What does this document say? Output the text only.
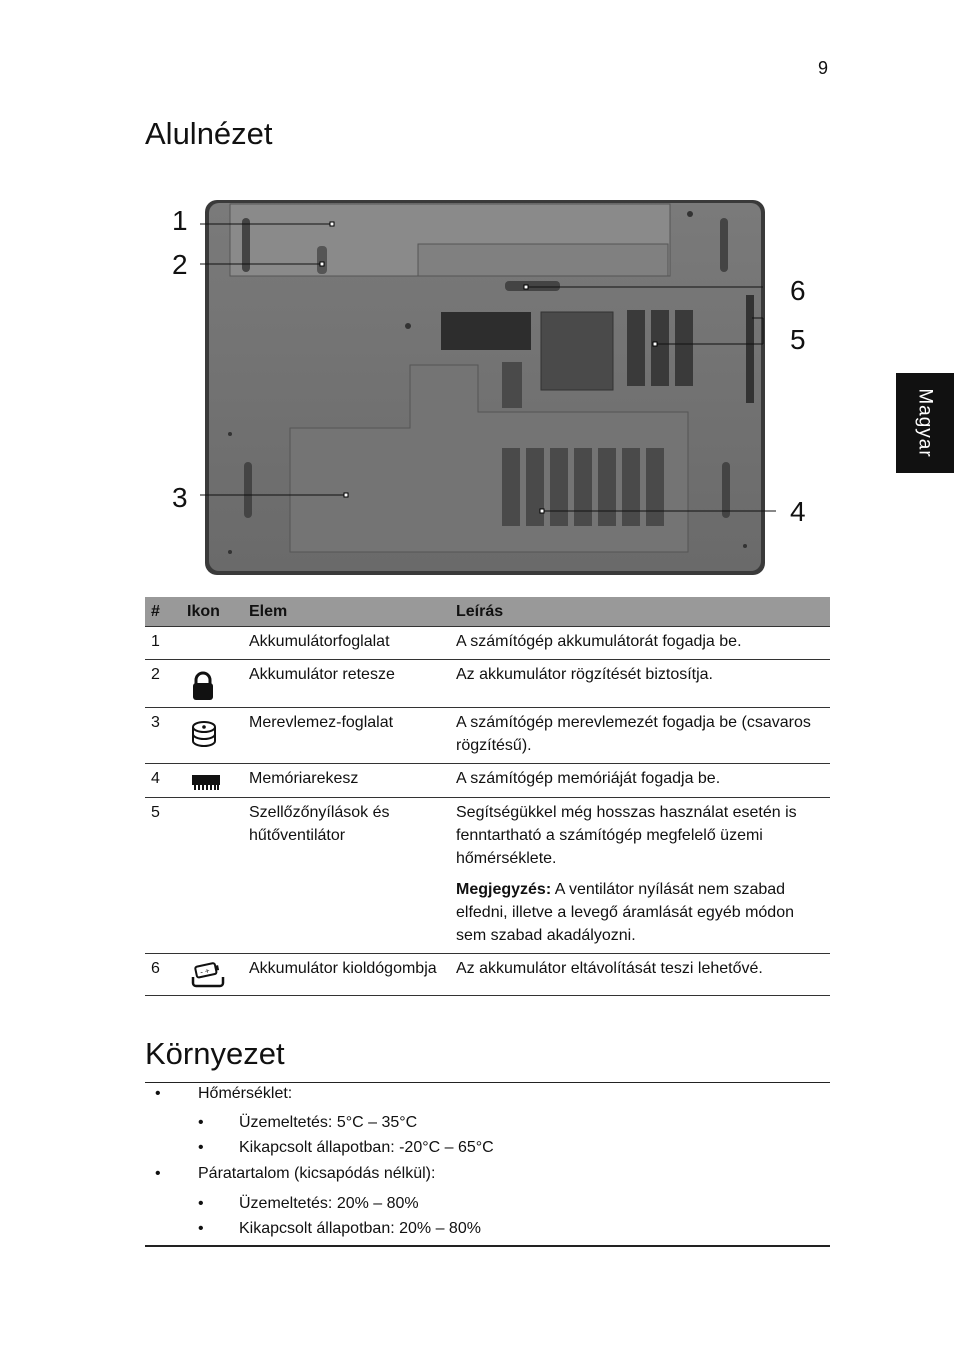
9
Alulnézet
Magyar
1
2
3	4
5
6
#	Ikon	Elem	Leírás
1		Akkumulátorfoglalat	A számítógép akkumulátorát fogadja be.
2		Akkumulátor retesze	Az akkumulátor rögzítését biztosítja.
3		Merevlemez-foglalat	A számítógép merevlemezét fogadja be (csavaros rögzítésű).
4		Memóriarekesz	A számítógép memóriáját fogadja be.
5		Szellőzőnyílások és hűtőventilátor	Segítségükkel még hosszas használat esetén is fenntartható a számítógép megfelelő üzemi hőmérséklete.
Megjegyzés: A ventilátor nyílását nem szabad elfedni, illetve a levegő áramlását egyéb módon sem szabad akadályozni.

6	- +	Akkumulátor kioldógombja	Az akkumulátor eltávolítását teszi lehetővé.
Környezet
• Hőmérséklet:
• Üzemeltetés: 5°C – 35°C
• Kikapcsolt állapotban: -20°C – 65°C
• Páratartalom (kicsapódás nélkül):
• Üzemeltetés: 20% – 80%
• Kikapcsolt állapotban: 20% – 80%
